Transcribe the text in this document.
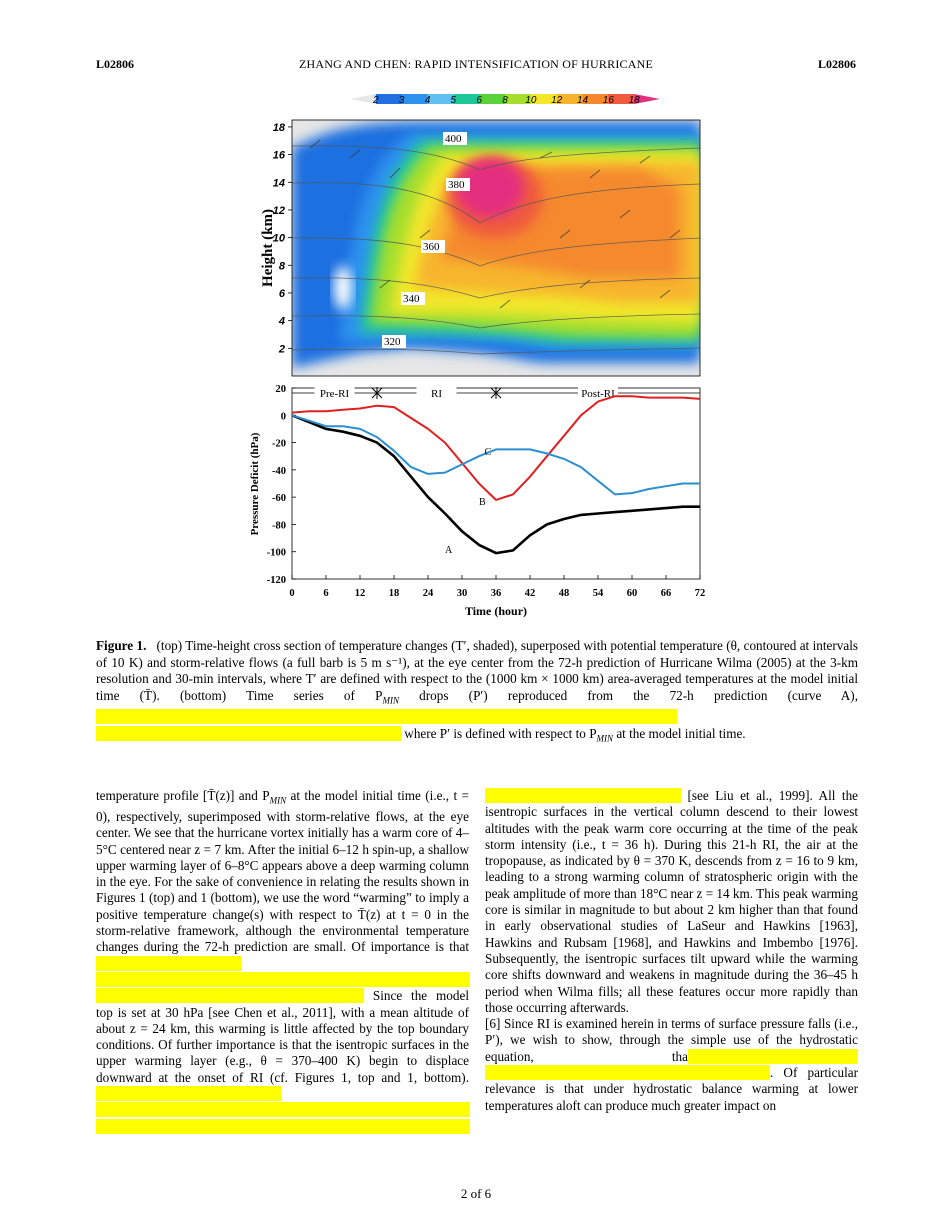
L02806	ZHANG AND CHEN: RAPID INTENSIFICATION OF HURRICANE	L02806
2 3 4 5 6 8 10 12 14 16 18
2
4
6
8
10
12
14
16
18
Height (km)
400
380
360
340
320
20
0
-20
-40
-60
-80
-100
-120
0	6 12 18 24 30 36 42 48 54 60 66 72
Pre-RI	RI	Post-RI
A
B
C
Pressure Deficit (hPa)
Time (hour)
Figure 1. (top) Time-height cross section of temperature changes (T′, shaded), superposed with potential temperature (θ, contoured at intervals of 10 K) and storm-relative flows (a full barb is 5 m s⁻¹), at the eye center from the 72-h prediction of Hurricane Wilma (2005) at the 3-km resolution and 30-min intervals, where T′ are defined with respect to the (1000 km × 1000 km) area-averaged temperatures at the model initial time (T̄). (bottom) Time series of $P_{MIN}$ drops (P′) reproduced from the 72-h prediction (curve A),   where P′ is defined with respect to $P_{MIN}$ at the model initial time.

temperature profile [T̄(z)] and $P_{MIN}$ at the model initial time (i.e., t = 0), respectively, superimposed with storm-relative flows, at the eye center. We see that the hurricane vortex initially has a warm core of 4–5°C centered near z = 7 km. After the initial 6–12 h spin-up, a shallow upper warming layer of 6–8°C appears above a deep warming column in the eye. For the sake of convenience in relating the results shown in Figures 1 (top) and 1 (bottom), we use the word “warming” to imply a positive temperature change(s) with respect to T̄(z) at t = 0 in the storm-relative framework, although the environmental temperature changes during the 72-h prediction are small. Of importance is that    Since the model top is set at 30 hPa [see Chen et al., 2011], with a mean altitude of about z = 24 km, this warming is little affected by the top boundary conditions. Of further importance is that the isentropic surfaces in the upper warming layer (e.g., θ = 370–400 K) begin to displace downward at the onset of RI (cf. Figures 1, top and 1, bottom).

[see Liu et al., 1999]. All the isentropic surfaces in the vertical column descend to their lowest altitudes with the peak warm core occurring at the time of the peak storm intensity (i.e., t = 36 h). During this 21-h RI, the air at the tropopause, as indicated by θ = 370 K, descends from z = 16 to 9 km, leading to a strong warming column of stratospheric origin with the peak amplitude of more than 18°C near z = 14 km. This peak warming core is similar in magnitude to but about 2 km higher than that found in early observational studies of LaSeur and Hawkins [1963], Hawkins and Rubsam [1968], and Hawkins and Imbembo [1976]. Subsequently, the isentropic surfaces tilt upward while the warming core shifts downward and weakens in magnitude during the 36–45 h period when Wilma fills; all these features occur more rapidly than those occurring afterwards.

[6] Since RI is examined herein in terms of surface pressure falls (i.e., P′), we wish to show, through the simple use of the hydrostatic equation, tha . Of particular relevance is that under hydrostatic balance warming at lower temperatures aloft can produce much greater impact on

2 of 6
